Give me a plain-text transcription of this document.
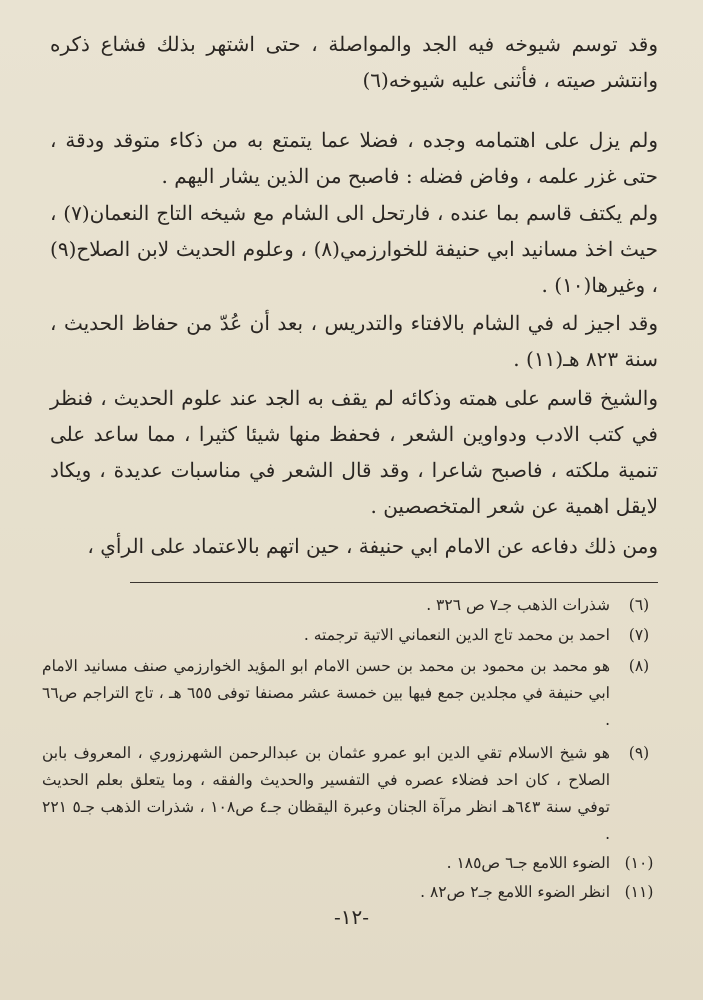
وقد توسم شيوخه فيه الجد والمواصلة ، حتى اشتهر بذلك فشاع ذكره وانتشر صيته ، فأثنى عليه شيوخه(٦)

ولم يزل على اهتمامه وجده ، فضلا عما يتمتع به من ذكاء متوقد ودقة ، حتى غزر علمه ، وفاض فضله : فاصبح من الذين يشار اليهم .

ولم يكتف قاسم بما عنده ، فارتحل الى الشام مع شيخه التاج النعمان(٧) ، حيث اخذ مسانيد ابي حنيفة للخوارزمي(٨) ، وعلوم الحديث لابن الصلاح(٩) ، وغيرها(١٠) .

وقد اجيز له في الشام بالافتاء والتدريس ، بعد أن عُدّ من حفاظ الحديث ، سنة ٨٢٣ هـ(١١) .

والشيخ قاسم على همته وذكائه لم يقف به الجد عند علوم الحديث ، فنظر في كتب الادب ودواوين الشعر ، فحفظ منها شيئا كثيرا ، مما ساعد على تنمية ملكته ، فاصبح شاعرا ، وقد قال الشعر في مناسبات عديدة ، ويكاد لايقل اهمية عن شعر المتخصصين .

ومن ذلك دفاعه عن الامام ابي حنيفة ، حين اتهم بالاعتماد على الرأي ،

(٦)
شذرات الذهب جـ٧ ص ٣٢٦ .
(٧)
احمد بن محمد تاج الدين النعماني الاتية ترجمته .
(٨)
هو محمد بن محمود بن محمد بن حسن الامام ابو المؤيد الخوارزمي صنف مسانيد الامام ابي حنيفة في مجلدين جمع فيها بين خمسة عشر مصنفا توفى ٦٥٥ هـ ، تاج التراجم ص٦٦ .
(٩)
هو شيخ الاسلام تقي الدين ابو عمرو عثمان بن عبدالرحمن الشهرزوري ، المعروف بابن الصلاح ، كان احد فضلاء عصره في التفسير والحديث والفقه ، وما يتعلق بعلم الحديث توفي سنة ٦٤٣هـ انظر مرآة الجنان وعبرة اليقظان جـ٤ ص١٠٨ ، شذرات الذهب جـ٥ ٢٢١ .
(١٠)
الضوء اللامع جـ٦ ص١٨٥ .
(١١)
انظر الضوء اللامع جـ٢ ص٨٢ .
-١٢-
